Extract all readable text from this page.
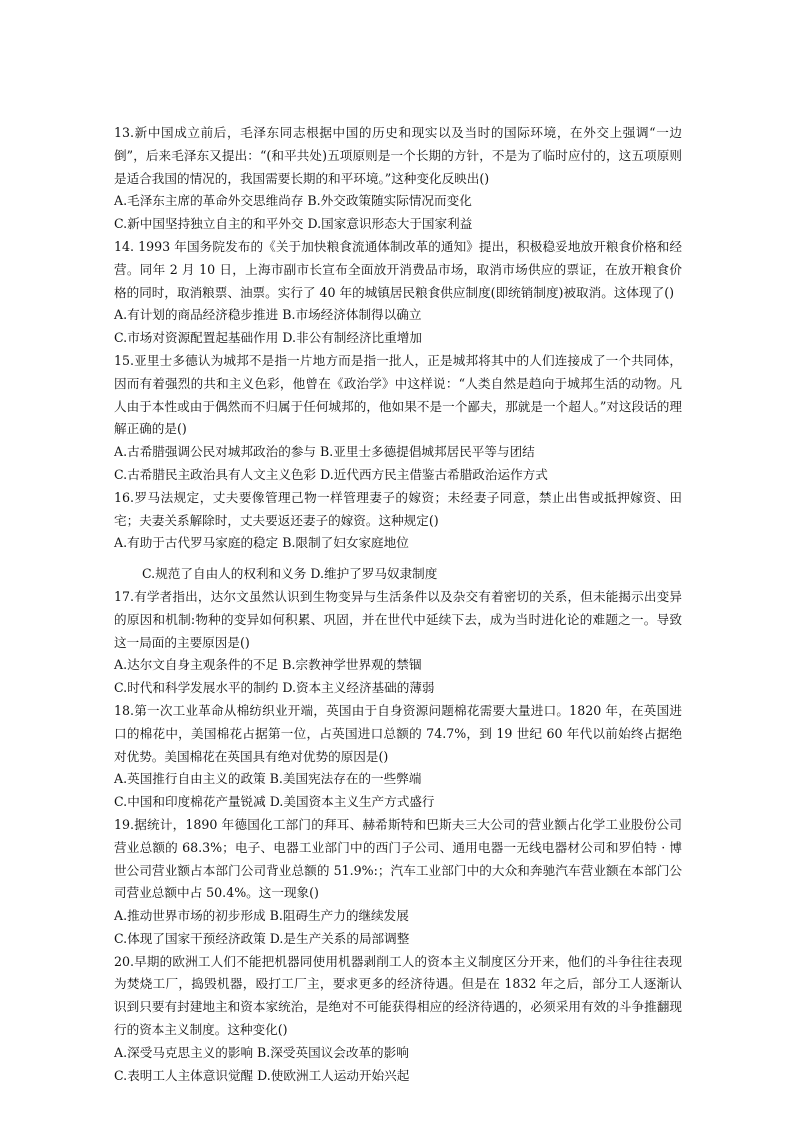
13.新中国成立前后，毛泽东同志根据中国的历史和现实以及当时的国际环境，在外交上强调“一边倒”，后来毛泽东又提出：“(和平共处)五项原则是一个长期的方针，不是为了临时应付的，这五项原则是适合我国的情况的，我国需要长期的和平环境。”这种变化反映出()

A.毛泽东主席的革命外交思维尚存 B.外交政策随实际情况而变化

C.新中国坚持独立自主的和平外交 D.国家意识形态大于国家利益

14. 1993 年国务院发布的《关于加快粮食流通体制改革的通知》提出，积极稳妥地放开粮食价格和经营。同年 2 月 10 日，上海市副市长宣布全面放开消费品市场，取消市场供应的票证，在放开粮食价格的同时，取消粮票、油票。实行了 40 年的城镇居民粮食供应制度(即统销制度)被取消。这体现了()

A.有计划的商品经济稳步推进 B.市场经济体制得以确立

C.市场对资源配置起基础作用 D.非公有制经济比重增加

15.亚里士多德认为城邦不是指一片地方而是指一批人，正是城邦将其中的人们连接成了一个共同体，因而有着强烈的共和主义色彩，他曾在《政治学》中这样说：“人类自然是趋向于城邦生活的动物。凡人由于本性或由于偶然而不归属于任何城邦的，他如果不是一个鄙夫，那就是一个超人。”对这段话的理解正确的是()

A.古希腊强调公民对城邦政治的参与 B.亚里士多德提倡城邦居民平等与团结

C.古希腊民主政治具有人文主义色彩 D.近代西方民主借鉴古希腊政治运作方式

16.罗马法规定，丈夫要像管理己物一样管理妻子的嫁资；未经妻子同意，禁止出售或抵押嫁资、田宅；夫妻关系解除时，丈夫要返还妻子的嫁资。这种规定()

A.有助于古代罗马家庭的稳定 B.限制了妇女家庭地位

C.规范了自由人的权利和义务 D.维护了罗马奴隶制度

17.有学者指出，达尔文虽然认识到生物变异与生活条件以及杂交有着密切的关系，但未能揭示出变异的原因和机制:物种的变异如何积累、巩固，并在世代中延续下去，成为当时进化论的难题之一。导致这一局面的主要原因是()

A.达尔文自身主观条件的不足 B.宗教神学世界观的禁锢

C.时代和科学发展水平的制约 D.资本主义经济基础的薄弱

18.第一次工业革命从棉纺织业开端，英国由于自身资源问题棉花需要大量进口。1820 年，在英国进口的棉花中，美国棉花占据第一位，占英国进口总额的 74.7%，到 19 世纪 60 年代以前始终占据绝对优势。美国棉花在英国具有绝对优势的原因是()

A.英国推行自由主义的政策 B.美国宪法存在的一些弊端

C.中国和印度棉花产量锐减 D.美国资本主义生产方式盛行

19.据统计，1890 年德国化工部门的拜耳、赫希斯特和巴斯夫三大公司的营业额占化学工业股份公司营业总额的 68.3%；电子、电器工业部门中的西门子公司、通用电器一无线电器材公司和罗伯特 · 博世公司营业额占本部门公司背业总额的 51.9%:；汽车工业部门中的大众和奔驰汽车营业额在本部门公司营业总额中占 50.4%。这一现象()

A.推动世界市场的初步形成 B.阻碍生产力的继续发展

C.体现了国家干预经济政策 D.是生产关系的局部调整

20.早期的欧洲工人们不能把机器同使用机器剥削工人的资本主义制度区分开来，他们的斗争往往表现为焚烧工厂，捣毁机器，殴打工厂主，要求更多的经济待遇。但是在 1832 年之后，部分工人逐渐认识到只要有封建地主和资本家统治，是绝对不可能获得相应的经济待遇的，必须采用有效的斗争推翻现行的资本主义制度。这种变化()

A.深受马克思主义的影响 B.深受英国议会改革的影响

C.表明工人主体意识觉醒 D.使欧洲工人运动开始兴起
